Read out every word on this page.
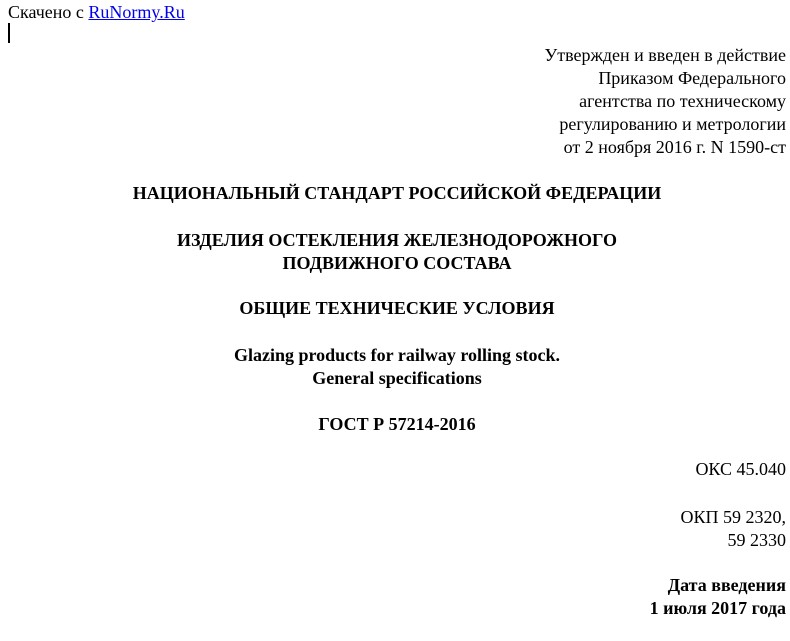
Скачено с RuNormy.Ru
Утвержден и введен в действие
Приказом Федерального
агентства по техническому
регулированию и метрологии
от 2 ноября 2016 г. N 1590-ст
НАЦИОНАЛЬНЫЙ СТАНДАРТ РОССИЙСКОЙ ФЕДЕРАЦИИ
ИЗДЕЛИЯ ОСТЕКЛЕНИЯ ЖЕЛЕЗНОДОРОЖНОГО
ПОДВИЖНОГО СОСТАВА
ОБЩИЕ ТЕХНИЧЕСКИЕ УСЛОВИЯ
Glazing products for railway rolling stock.
General specifications
ГОСТ Р 57214-2016
ОКС 45.040
ОКП 59 2320,
59 2330
Дата введения
1 июля 2017 года
